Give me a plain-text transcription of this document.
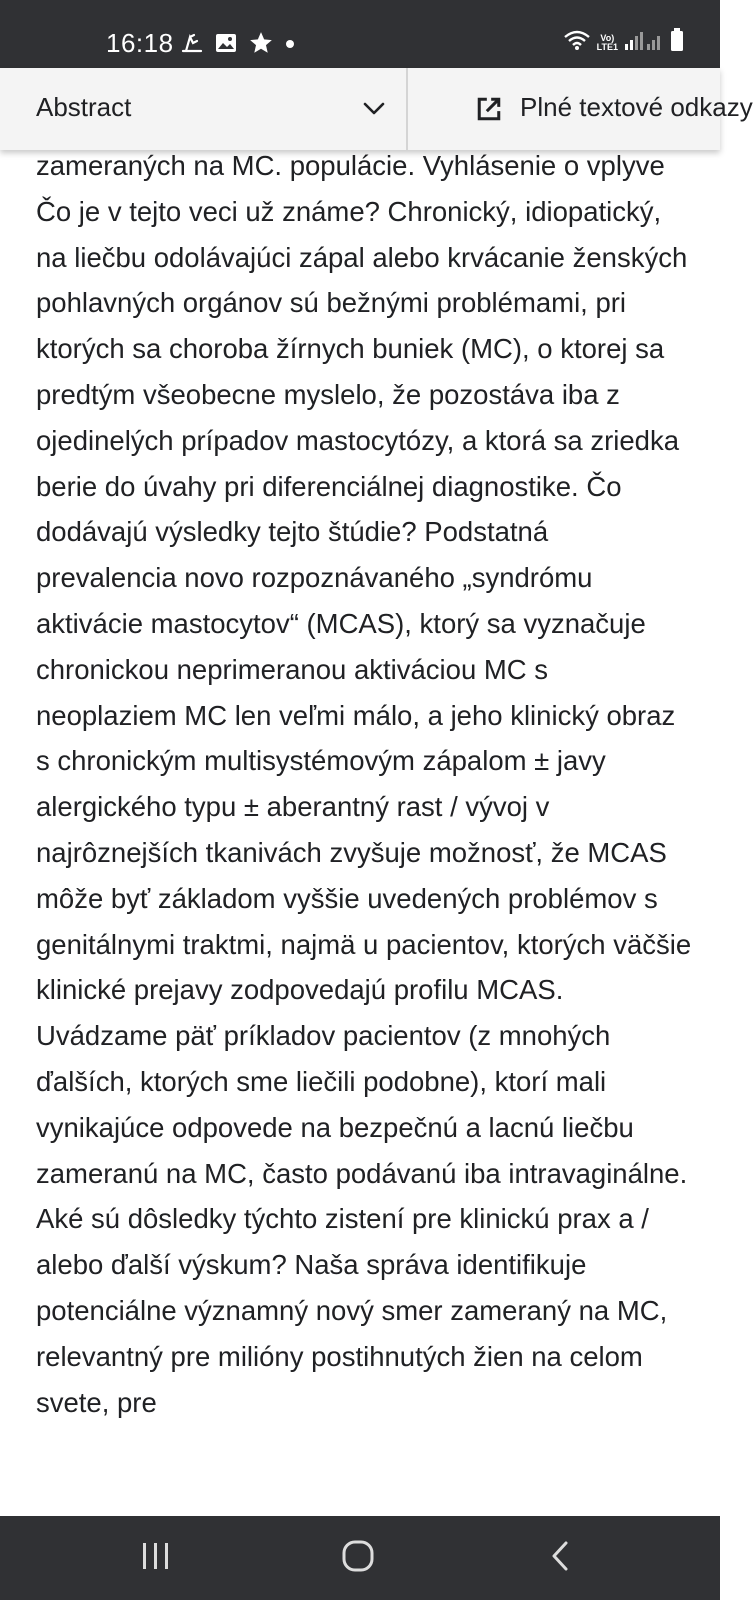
16:18	Vo)
LTE1

zameraných na MC. populácie. Vyhlásenie o vplyve Čo je v tejto veci už známe? Chronický, idiopatický, na liečbu odolávajúci zápal alebo krvácanie ženských pohlavných orgánov sú bežnými problémami, pri ktorých sa choroba žírnych buniek (MC), o ktorej sa predtým všeobecne myslelo, že pozostáva iba z ojedinelých prípadov mastocytózy, a ktorá sa zriedka berie do úvahy pri diferenciálnej diagnostike. Čo dodávajú výsledky tejto štúdie? Podstatná prevalencia novo rozpoznávaného „syndrómu aktivácie mastocytov“ (MCAS), ktorý sa vyznačuje chronickou neprimeranou aktiváciou MC s neoplaziem MC len veľmi málo, a jeho klinický obraz s chronickým multisystémovým zápalom ± javy alergického typu ± aberantný rast / vývoj v najrôznejších tkanivách zvyšuje možnosť, že MCAS môže byť základom vyššie uvedených problémov s genitálnymi traktmi, najmä u pacientov, ktorých väčšie klinické prejavy zodpovedajú profilu MCAS. Uvádzame päť príkladov pacientov (z mnohých ďalších, ktorých sme liečili podobne), ktorí mali vynikajúce odpovede na bezpečnú a lacnú liečbu zameranú na MC, často podávanú iba intravaginálne. Aké sú dôsledky týchto zistení pre klinickú prax a / alebo ďalší výskum? Naša správa identifikuje potenciálne významný nový smer zameraný na MC, relevantný pre milióny postihnutých žien na celom svete, pre

Abstract	Plné textové odkazy
